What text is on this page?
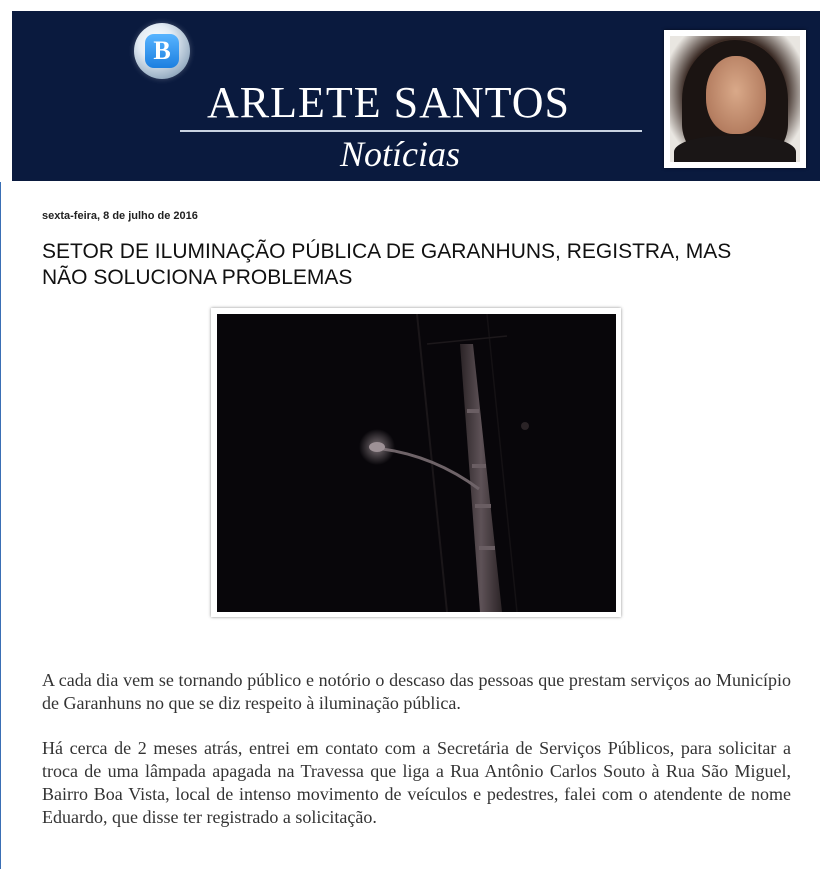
B
ARLETE SANTOS
Notícias
sexta-feira, 8 de julho de 2016
SETOR DE ILUMINAÇÃO PÚBLICA DE GARANHUNS, REGISTRA, MAS NÃO SOLUCIONA PROBLEMAS

A cada dia vem se tornando público e notório o descaso das pessoas que prestam serviços ao Município de Garanhuns no que se diz respeito à iluminação pública.

Há cerca de 2 meses atrás, entrei em contato com a Secretária de Serviços Públicos, para solicitar a troca de uma lâmpada apagada na Travessa que liga a Rua Antônio Carlos Souto à Rua São Miguel, Bairro Boa Vista, local de intenso movimento de veículos e pedestres, falei com o atendente de nome Eduardo, que disse ter registrado a solicitação.
